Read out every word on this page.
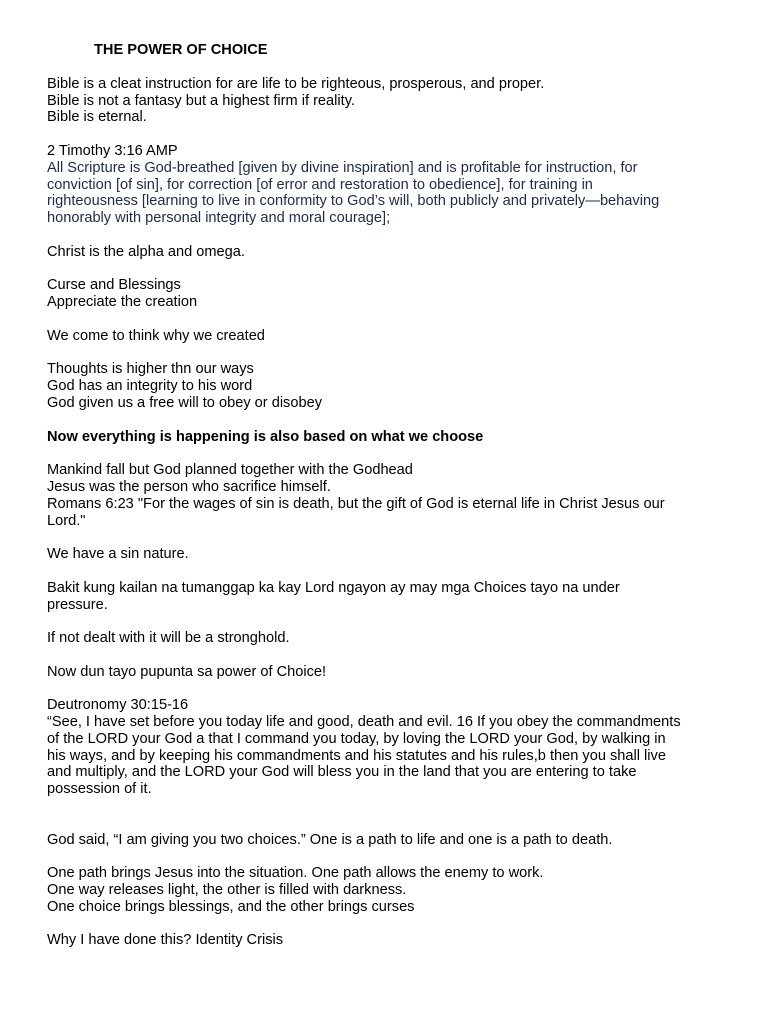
THE POWER OF CHOICE
Bible is a cleat instruction for are life to be righteous, prosperous, and proper.
Bible is not a fantasy but a highest firm if reality.
Bible is eternal.
2 Timothy 3:16 AMP
All Scripture is God-breathed [given by divine inspiration] and is profitable for instruction, for
conviction [of sin], for correction [of error and restoration to obedience], for training in
righteousness [learning to live in conformity to God’s will, both publicly and privately—behaving
honorably with personal integrity and moral courage];
Christ is the alpha and omega.
Curse and Blessings
Appreciate the creation
We come to think why we created
Thoughts is higher thn our ways
God has an integrity to his word
God given us a free will to obey or disobey
Now everything is happening is also based on what we choose
Mankind fall but God planned together with the Godhead
Jesus was the person who sacrifice himself.
Romans 6:23 "For the wages of sin is death, but the gift of God is eternal life in Christ Jesus our
Lord."
We have a sin nature.
Bakit kung kailan na tumanggap ka kay Lord ngayon ay may mga Choices tayo na under
pressure.
If not dealt with it will be a stronghold.
Now dun tayo pupunta sa power of Choice!
Deutronomy 30:15-16
“See, I have set before you today life and good, death and evil. 16 If you obey the commandments
of the LORD your God a that I command you today, by loving the LORD your God, by walking in
his ways, and by keeping his commandments and his statutes and his rules,b then you shall live
and multiply, and the LORD your God will bless you in the land that you are entering to take
possession of it.
God said, “I am giving you two choices.” One is a path to life and one is a path to death.
One path brings Jesus into the situation. One path allows the enemy to work.
One way releases light, the other is filled with darkness.
One choice brings blessings, and the other brings curses
Why I have done this? Identity Crisis
